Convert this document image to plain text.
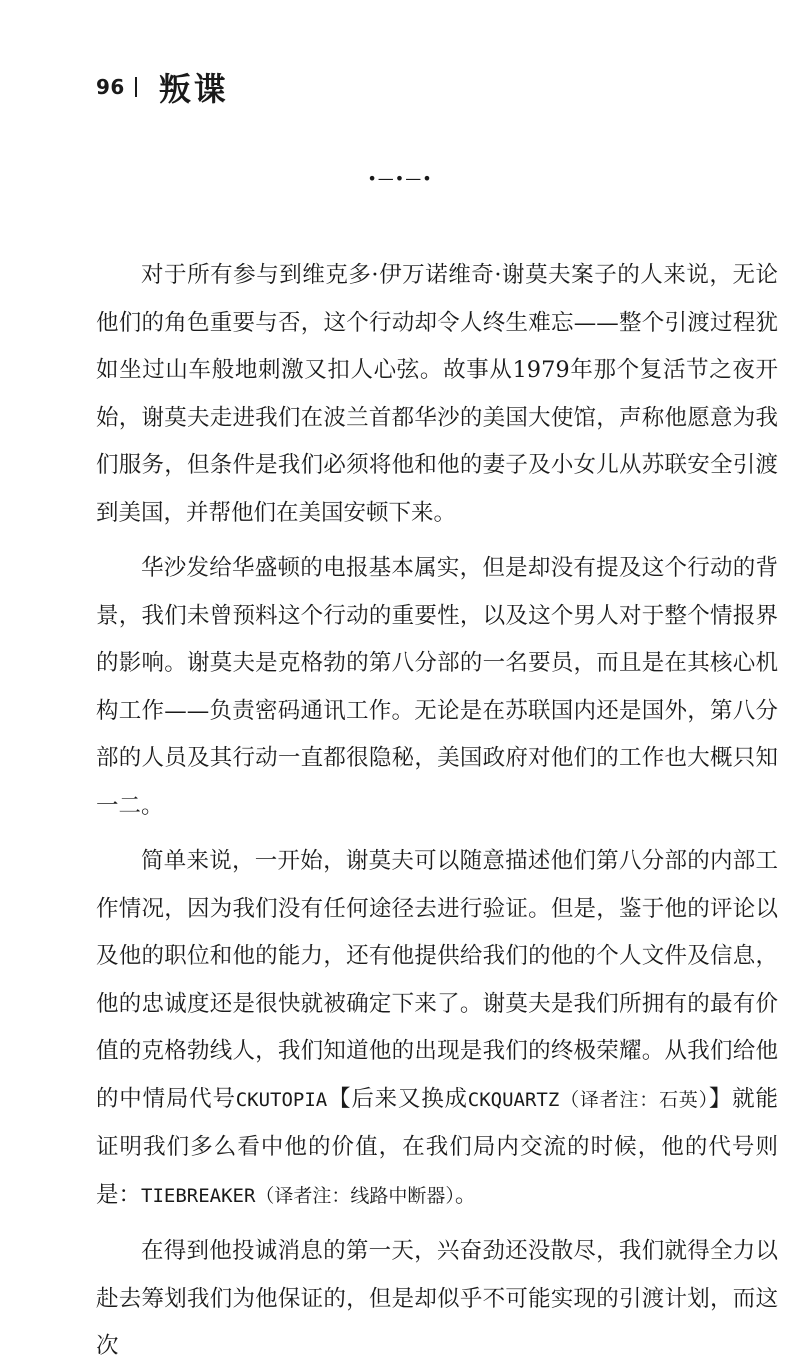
96 叛谍
•—•—•

对于所有参与到维克多·伊万诺维奇·谢莫夫案子的人来说，无论他们的角色重要与否，这个行动却令人终生难忘——整个引渡过程犹如坐过山车般地刺激又扣人心弦。故事从1979年那个复活节之夜开始，谢莫夫走进我们在波兰首都华沙的美国大使馆，声称他愿意为我们服务，但条件是我们必须将他和他的妻子及小女儿从苏联安全引渡到美国，并帮他们在美国安顿下来。

华沙发给华盛顿的电报基本属实，但是却没有提及这个行动的背景，我们未曾预料这个行动的重要性，以及这个男人对于整个情报界的影响。谢莫夫是克格勃的第八分部的一名要员，而且是在其核心机构工作——负责密码通讯工作。无论是在苏联国内还是国外，第八分部的人员及其行动一直都很隐秘，美国政府对他们的工作也大概只知一二。

简单来说，一开始，谢莫夫可以随意描述他们第八分部的内部工作情况，因为我们没有任何途径去进行验证。但是，鉴于他的评论以及他的职位和他的能力，还有他提供给我们的他的个人文件及信息，他的忠诚度还是很快就被确定下来了。谢莫夫是我们所拥有的最有价值的克格勃线人，我们知道他的出现是我们的终极荣耀。从我们给他的中情局代号CKUTOPIA【后来又换成CKQUARTZ（译者注：石英）】就能证明我们多么看中他的价值，在我们局内交流的时候，他的代号则是：TIEBREAKER（译者注：线路中断器）。

在得到他投诚消息的第一天，兴奋劲还没散尽，我们就得全力以赴去筹划我们为他保证的，但是却似乎不可能实现的引渡计划，而这次
